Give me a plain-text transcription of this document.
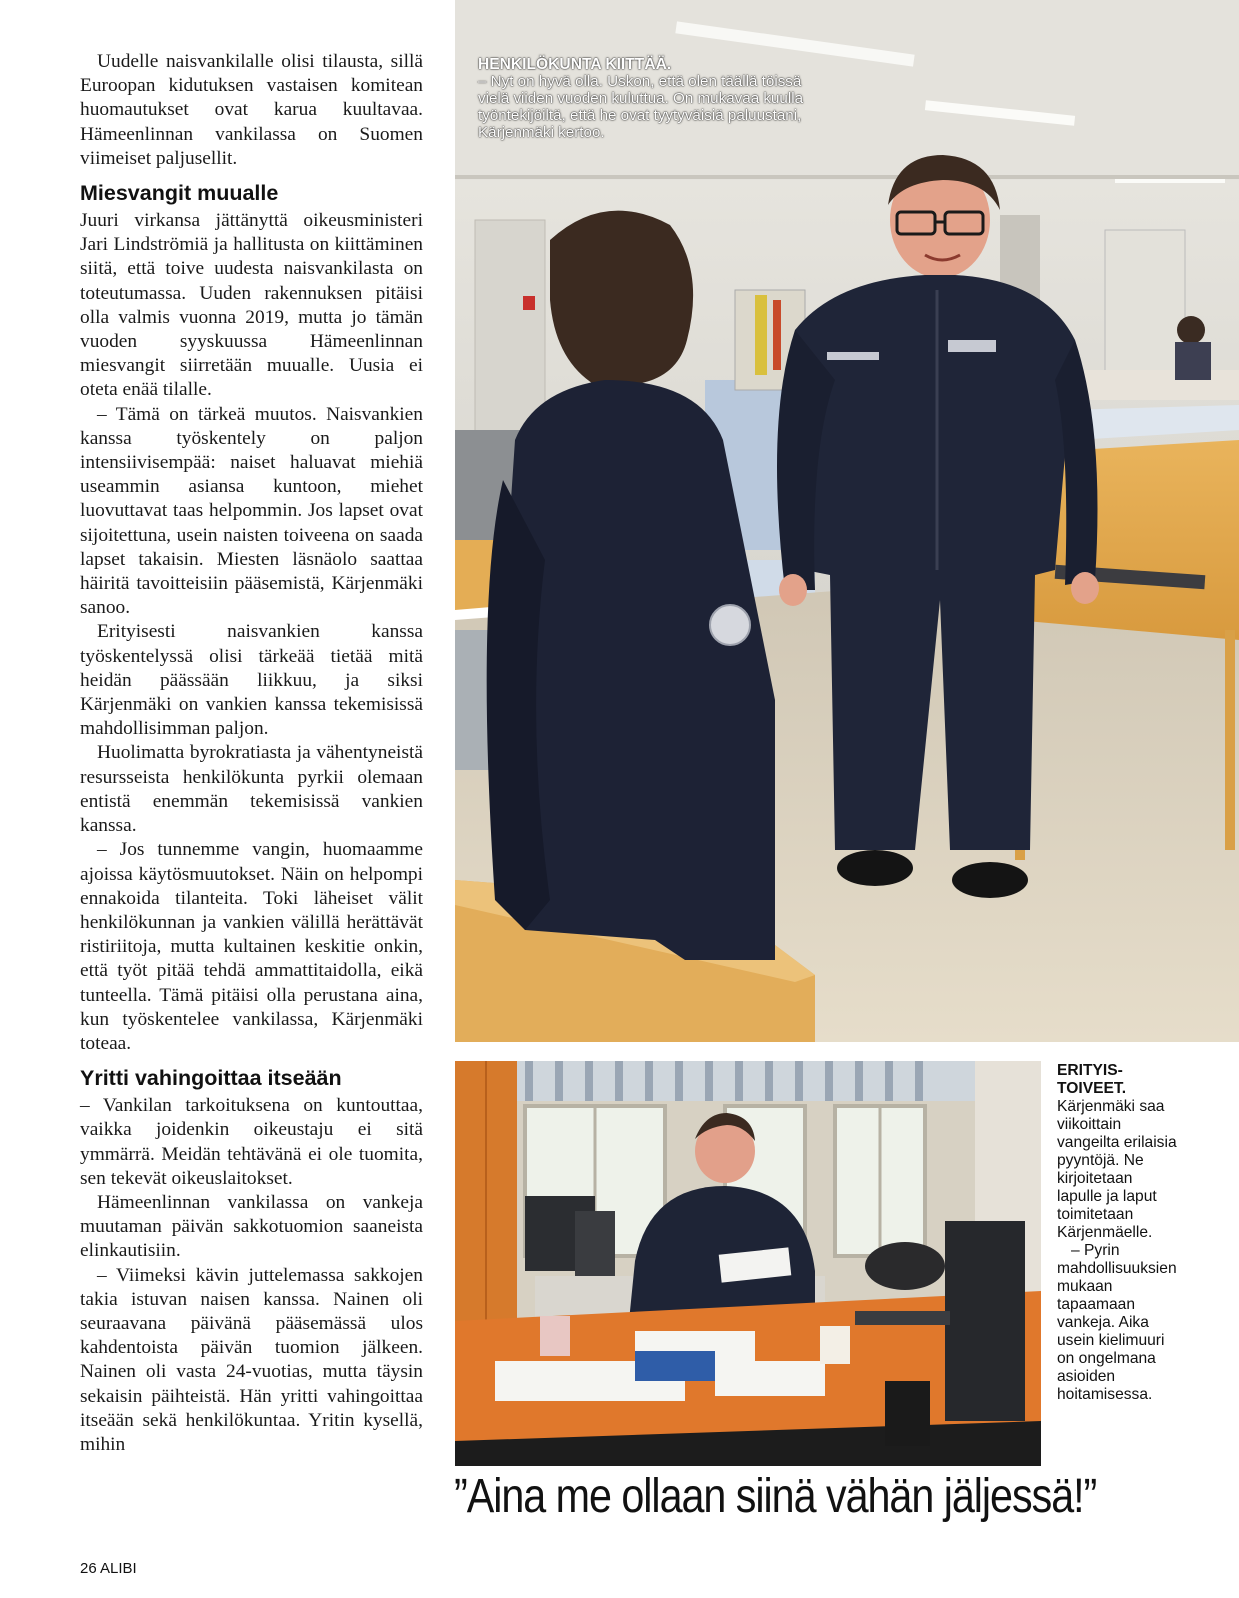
Uudelle naisvankilalle olisi tilausta, sillä Euroopan kidutuksen vastaisen komitean huomautukset ovat karua kuultavaa. Hämeenlinnan vankilassa on Suomen viimeiset paljusellit.

Miesvangit muualle

Juuri virkansa jättänyttä oikeusministeri Jari Lindströmiä ja hallitusta on kiittäminen siitä, että toive uudesta naisvankilasta on toteutumassa. Uuden rakennuksen pitäisi olla valmis vuonna 2019, mutta jo tämän vuoden syyskuussa Hämeenlinnan miesvangit siirretään muualle. Uusia ei oteta enää tilalle.

– Tämä on tärkeä muutos. Naisvankien kanssa työskentely on paljon intensiivisempää: naiset haluavat miehiä useammin asiansa kuntoon, miehet luovuttavat taas helpommin. Jos lapset ovat sijoitettuna, usein naisten toiveena on saada lapset takaisin. Miesten läsnäolo saattaa häiritä tavoitteisiin pääsemistä, Kärjenmäki sanoo.

Erityisesti naisvankien kanssa työskentelyssä olisi tärkeää tietää mitä heidän päässään liikkuu, ja siksi Kärjenmäki on vankien kanssa tekemisissä mahdollisimman paljon.

Huolimatta byrokratiasta ja vähentyneistä resursseista henkilökunta pyrkii olemaan entistä enemmän tekemisissä vankien kanssa.

– Jos tunnemme vangin, huomaamme ajoissa käytösmuutokset. Näin on helpompi ennakoida tilanteita. Toki läheiset välit henkilökunnan ja vankien välillä herättävät ristiriitoja, mutta kultainen keskitie onkin, että työt pitää tehdä ammattitaidolla, eikä tunteella. Tämä pitäisi olla perustana aina, kun työskentelee vankilassa, Kärjenmäki toteaa.

Yritti vahingoittaa itseään

– Vankilan tarkoituksena on kuntouttaa, vaikka joidenkin oikeustaju ei sitä ymmärrä. Meidän tehtävänä ei ole tuomita, sen tekevät oikeuslaitokset.

Hämeenlinnan vankilassa on vankeja muutaman päivän sakkotuomion saaneista elinkautisiin.

– Viimeksi kävin juttelemassa sakkojen takia istuvan naisen kanssa. Nainen oli seuraavana päivänä pääsemässä ulos kahdentoista päivän tuomion jälkeen. Nainen oli vasta 24-vuotias, mutta täysin sekaisin päihteistä. Hän yritti vahingoittaa itseään sekä henkilökuntaa. Yritin kysellä, mihin

HENKILÖKUNTA KIITTÄÄ.
– Nyt on hyvä olla. Uskon, että olen täällä töissä vielä viiden vuoden kuluttua. On mukavaa kuulla työntekijöiltä, että he ovat tyytyväisiä paluustani, Kärjenmäki kertoo.
ERITYIS-TOIVEET.

Kärjenmäki saa viikoittain vangeilta erilaisia pyyntöjä. Ne kirjoitetaan lapulle ja laput toimitetaan Kärjenmäelle.

– Pyrin mahdollisuuksien mukaan tapaamaan vankeja. Aika usein kielimuuri on ongelmana asioiden hoitamisessa.

”Aina me ollaan siinä vähän jäljessä!”
26 ALIBI
